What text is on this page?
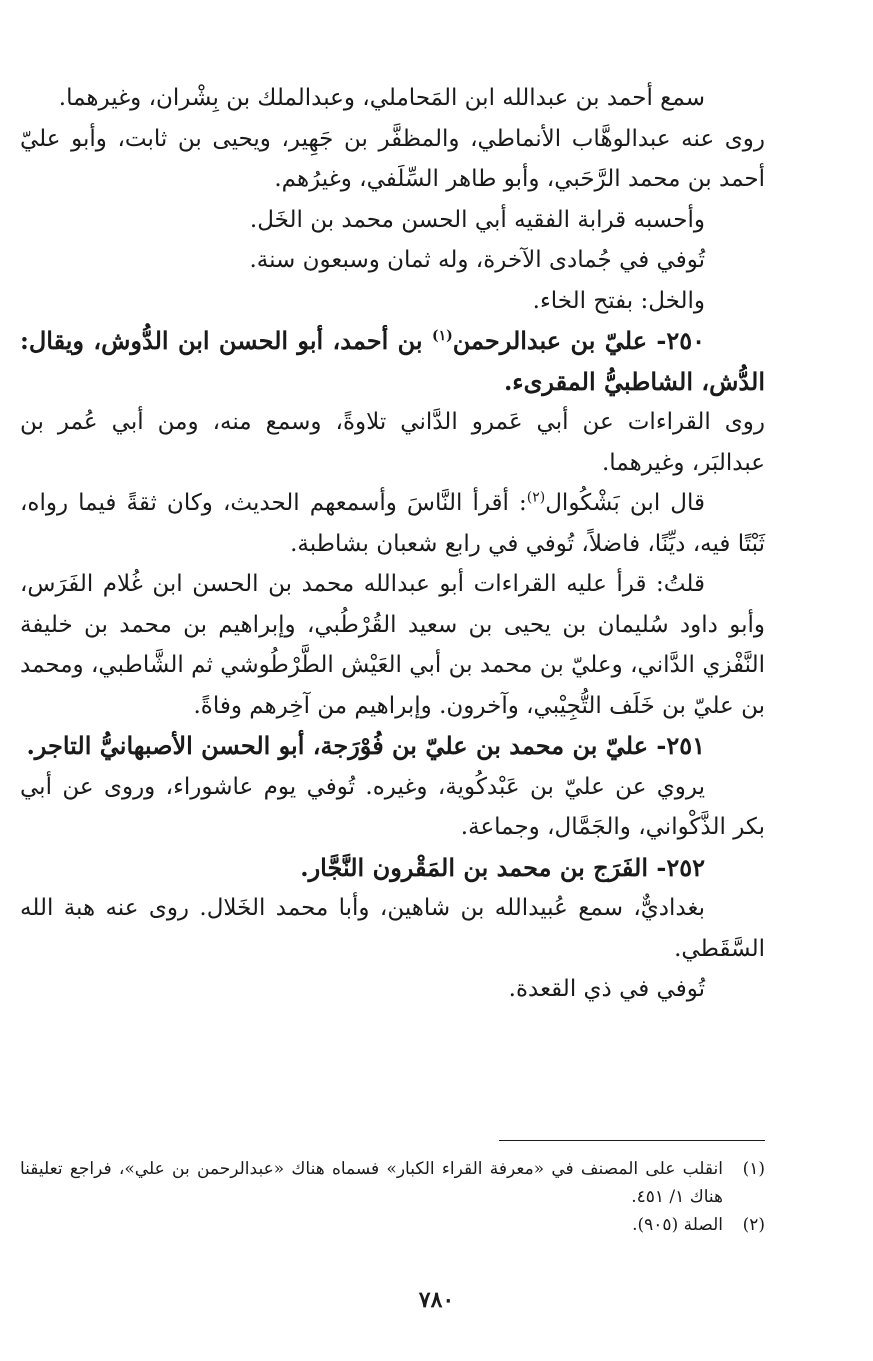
سمع أحمد بن عبدالله ابن المَحاملي، وعبدالملك بن بِشْران، وغيرهما.

روى عنه عبدالوهَّاب الأنماطي، والمظفَّر بن جَهِير، ويحيى بن ثابت، وأبو عليّ أحمد بن محمد الرَّحَبي، وأبو طاهر السِّلَفي، وغيرُهم.

وأحسبه قرابة الفقيه أبي الحسن محمد بن الخَل.

تُوفي في جُمادى الآخرة، وله ثمان وسبعون سنة.

والخل: بفتح الخاء.

٢٥٠- عليّ بن عبدالرحمن$^{(١)}$ بن أحمد، أبو الحسن ابن الدُّوش، ويقال: الدُّش، الشاطبيُّ المقرىء.

روى القراءات عن أبي عَمرو الدَّاني تلاوةً، وسمع منه، ومن أبي عُمر بن عبدالبَر، وغيرهما.

قال ابن بَشْكُوال$^{(٢)}$: أقرأ النَّاسَ وأسمعهم الحديث، وكان ثقةً فيما رواه، ثَبْتًا فيه، ديِّنًا، فاضلاً، تُوفي في رابع شعبان بشاطبة.

قلتُ: قرأ عليه القراءات أبو عبدالله محمد بن الحسن ابن غُلام الفَرَس، وأبو داود سُليمان بن يحيى بن سعيد القُرْطُبي، وإبراهيم بن محمد بن خليفة النَّفْزي الدَّاني، وعليّ بن محمد بن أبي العَيْش الطَّرْطُوشي ثم الشَّاطبي، ومحمد بن عليّ بن خَلَف التُّجِيْبي، وآخرون. وإبراهيم من آخِرهم وفاةً.

٢٥١- عليّ بن محمد بن عليّ بن فُوْرَجة، أبو الحسن الأصبهانيُّ التاجر.

يروي عن عليّ بن عَبْدكُوية، وغيره. تُوفي يوم عاشوراء، وروى عن أبي بكر الذَّكْواني، والجَمَّال، وجماعة.

٢٥٢- الفَرَج بن محمد بن المَقْرون النَّجَّار.

بغداديٌّ، سمع عُبيدالله بن شاهين، وأبا محمد الخَلال. روى عنه هبة الله السَّقَطي.

تُوفي في ذي القعدة.

(١)
انقلب على المصنف في «معرفة القراء الكبار» فسماه هناك «عبدالرحمن بن علي»، فراجع تعليقنا هناك ١/ ٤٥١.
(٢)
الصلة (٩٠٥).
٧٨٠
